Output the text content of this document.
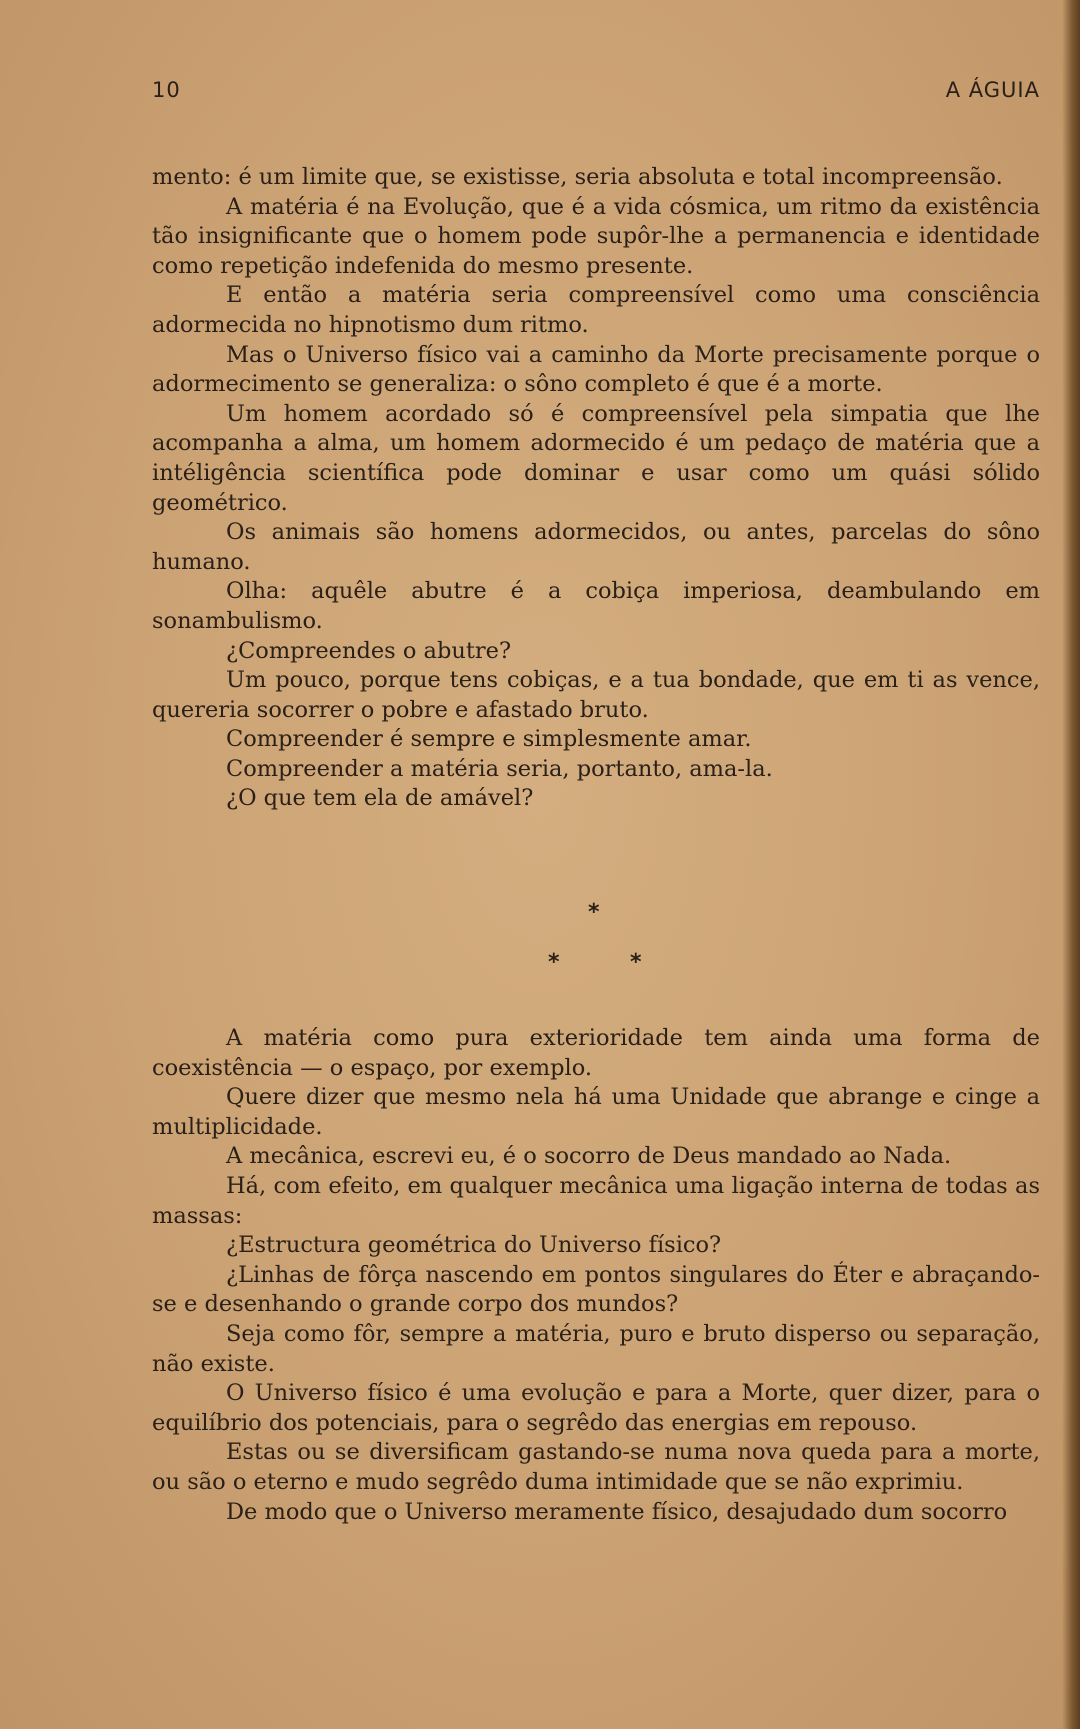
10	A ÁGUIA

mento: é um limite que, se existisse, seria absoluta e total incompreensão.

A matéria é na Evolução, que é a vida cósmica, um ritmo da existência tão insignificante que o homem pode supôr-lhe a permanencia e identidade como repetição indefenida do mesmo presente.

E então a matéria seria compreensível como uma consciência adormecida no hipnotismo dum ritmo.

Mas o Universo físico vai a caminho da Morte precisamente porque o adormecimento se generaliza: o sôno completo é que é a morte.

Um homem acordado só é compreensível pela simpatia que lhe acompanha a alma, um homem adormecido é um pedaço de matéria que a intéligência scientífica pode dominar e usar como um quási sólido geométrico.

Os animais são homens adormecidos, ou antes, parcelas do sôno humano.

Olha: aquêle abutre é a cobiça imperiosa, deambulando em sonambulismo.

¿Compreendes o abutre?

Um pouco, porque tens cobiças, e a tua bondade, que em ti as vence, quereria socorrer o pobre e afastado bruto.

Compreender é sempre e simplesmente amar.

Compreender a matéria seria, portanto, ama-la.

¿O que tem ela de amável?

*
*	*

A matéria como pura exterioridade tem ainda uma forma de coexistência — o espaço, por exemplo.

Quere dizer que mesmo nela há uma Unidade que abrange e cinge a multiplicidade.

A mecânica, escrevi eu, é o socorro de Deus mandado ao Nada.

Há, com efeito, em qualquer mecânica uma ligação interna de todas as massas:

¿Estructura geométrica do Universo físico?

¿Linhas de fôrça nascendo em pontos singulares do Éter e abraçando-se e desenhando o grande corpo dos mundos?

Seja como fôr, sempre a matéria, puro e bruto disperso ou separação, não existe.

O Universo físico é uma evolução e para a Morte, quer dizer, para o equilíbrio dos potenciais, para o segrêdo das energias em repouso.

Estas ou se diversificam gastando-se numa nova queda para a morte, ou são o eterno e mudo segrêdo duma intimidade que se não exprimiu.

De modo que o Universo meramente físico, desajudado dum socorro
